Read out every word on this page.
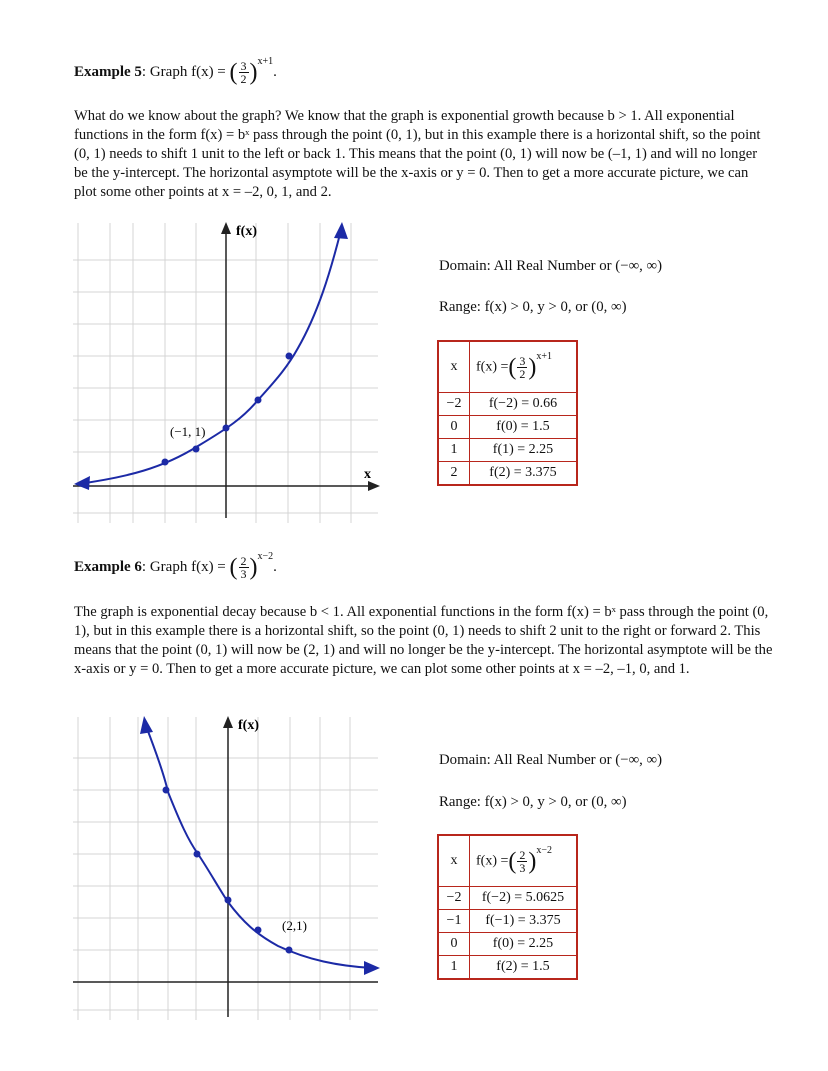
Example 5: Graph f(x) = ( $\frac{3}{2} )^{x+1}$.
What do we know about the graph? We know that the graph is exponential growth because b > 1. All exponential functions in the form f(x) = bˣ pass through the point (0, 1), but in this example there is a horizontal shift, so the point (0, 1) needs to shift 1 unit to the left or back 1. This means that the point (0, 1) will now be (–1, 1) and will no longer be the y-intercept. The horizontal asymptote will be the x-axis or y = 0. Then to get a more accurate picture, we can plot some other points at x = –2, 0, 1, and 2.
f(x)
x
(−1, 1)
Domain: All Real Number or (−∞, ∞)
Range: f(x) > 0, y > 0, or (0, ∞)
x	f(x) =( $\frac{3}{2} )^{x+1}$
−2	f(−2) = 0.66
0	f(0) = 1.5
1	f(1) = 2.25
2	f(2) = 3.375
Example 6: Graph f(x) = ( $\frac{2}{3} )^{x-2}$.
The graph is exponential decay because b < 1. All exponential functions in the form f(x) = bˣ pass through the point (0, 1), but in this example there is a horizontal shift, so the point (0, 1) needs to shift 2 unit to the right or forward 2. This means that the point (0, 1) will now be (2, 1) and will no longer be the y-intercept. The horizontal asymptote will be the x-axis or y = 0. Then to get a more accurate picture, we can plot some other points at x = –2, –1, 0, and 1.
f(x)
(2,1)
Domain: All Real Number or (−∞, ∞)
Range: f(x) > 0, y > 0, or (0, ∞)
x	f(x) =( $\frac{2}{3} )^{x-2}$
−2	f(−2) = 5.0625
−1	f(−1) = 3.375
0	f(0) = 2.25
1	f(2) = 1.5
